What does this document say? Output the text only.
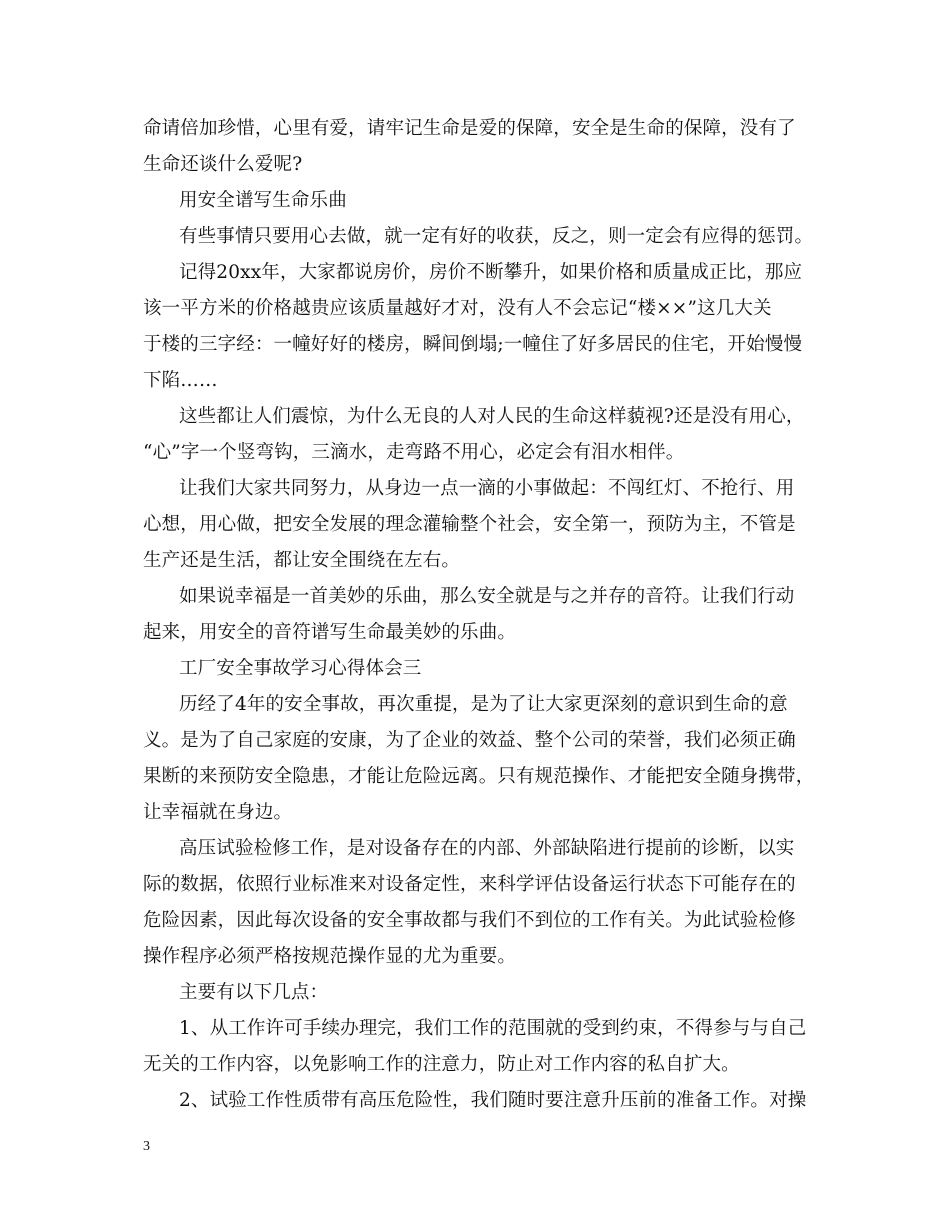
命请倍加珍惜，心里有爱，请牢记生命是爱的保障，安全是生命的保障，没有了
生命还谈什么爱呢?
用安全谱写生命乐曲
有些事情只要用心去做，就一定有好的收获，反之，则一定会有应得的惩罚。
记得20xx年，大家都说房价，房价不断攀升，如果价格和质量成正比，那应
该一平方米的价格越贵应该质量越好才对，没有人不会忘记“楼××”这几大关
于楼的三字经：一幢好好的楼房，瞬间倒塌;一幢住了好多居民的住宅，开始慢慢
下陷……
这些都让人们震惊，为什么无良的人对人民的生命这样藐视?还是没有用心，
“心”字一个竖弯钩，三滴水，走弯路不用心，必定会有泪水相伴。
让我们大家共同努力，从身边一点一滴的小事做起：不闯红灯、不抢行、用
心想，用心做，把安全发展的理念灌输整个社会，安全第一，预防为主，不管是
生产还是生活，都让安全围绕在左右。
如果说幸福是一首美妙的乐曲，那么安全就是与之并存的音符。让我们行动
起来，用安全的音符谱写生命最美妙的乐曲。
工厂安全事故学习心得体会三
历经了4年的安全事故，再次重提，是为了让大家更深刻的意识到生命的意
义。是为了自己家庭的安康，为了企业的效益、整个公司的荣誉，我们必须正确
果断的来预防安全隐患，才能让危险远离。只有规范操作、才能把安全随身携带，
让幸福就在身边。
高压试验检修工作，是对设备存在的内部、外部缺陷进行提前的诊断，以实
际的数据，依照行业标准来对设备定性，来科学评估设备运行状态下可能存在的
危险因素，因此每次设备的安全事故都与我们不到位的工作有关。为此试验检修
操作程序必须严格按规范操作显的尤为重要。
主要有以下几点：
1、从工作许可手续办理完，我们工作的范围就的受到约束，不得参与与自己
无关的工作内容，以免影响工作的注意力，防止对工作内容的私自扩大。
2、试验工作性质带有高压危险性，我们随时要注意升压前的准备工作。对操
3
